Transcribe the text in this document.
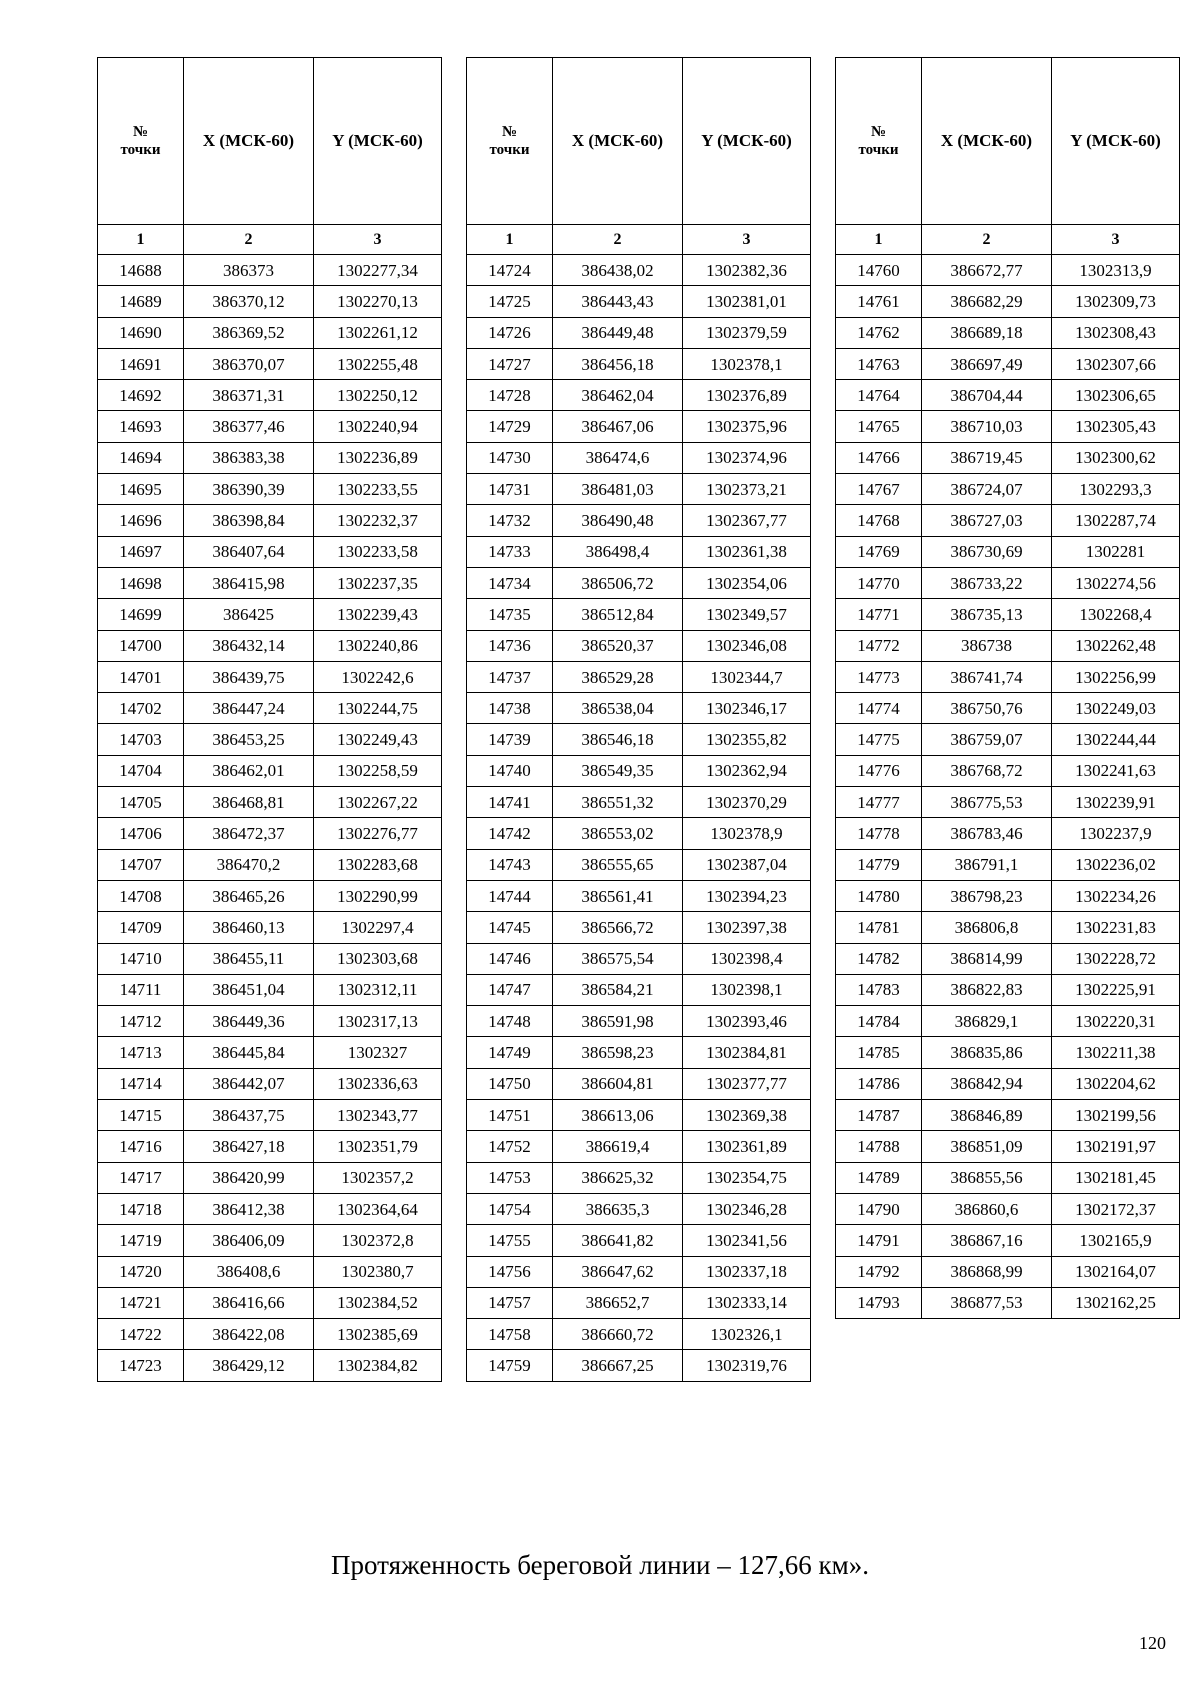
№
точки	X (МСК-60)	Y (МСК-60)
1	2	3
14688	386373	1302277,34
14689	386370,12	1302270,13
14690	386369,52	1302261,12
14691	386370,07	1302255,48
14692	386371,31	1302250,12
14693	386377,46	1302240,94
14694	386383,38	1302236,89
14695	386390,39	1302233,55
14696	386398,84	1302232,37
14697	386407,64	1302233,58
14698	386415,98	1302237,35
14699	386425	1302239,43
14700	386432,14	1302240,86
14701	386439,75	1302242,6
14702	386447,24	1302244,75
14703	386453,25	1302249,43
14704	386462,01	1302258,59
14705	386468,81	1302267,22
14706	386472,37	1302276,77
14707	386470,2	1302283,68
14708	386465,26	1302290,99
14709	386460,13	1302297,4
14710	386455,11	1302303,68
14711	386451,04	1302312,11
14712	386449,36	1302317,13
14713	386445,84	1302327
14714	386442,07	1302336,63
14715	386437,75	1302343,77
14716	386427,18	1302351,79
14717	386420,99	1302357,2
14718	386412,38	1302364,64
14719	386406,09	1302372,8
14720	386408,6	1302380,7
14721	386416,66	1302384,52
14722	386422,08	1302385,69
14723	386429,12	1302384,82
№
точки	X (МСК-60)	Y (МСК-60)
1	2	3
14724	386438,02	1302382,36
14725	386443,43	1302381,01
14726	386449,48	1302379,59
14727	386456,18	1302378,1
14728	386462,04	1302376,89
14729	386467,06	1302375,96
14730	386474,6	1302374,96
14731	386481,03	1302373,21
14732	386490,48	1302367,77
14733	386498,4	1302361,38
14734	386506,72	1302354,06
14735	386512,84	1302349,57
14736	386520,37	1302346,08
14737	386529,28	1302344,7
14738	386538,04	1302346,17
14739	386546,18	1302355,82
14740	386549,35	1302362,94
14741	386551,32	1302370,29
14742	386553,02	1302378,9
14743	386555,65	1302387,04
14744	386561,41	1302394,23
14745	386566,72	1302397,38
14746	386575,54	1302398,4
14747	386584,21	1302398,1
14748	386591,98	1302393,46
14749	386598,23	1302384,81
14750	386604,81	1302377,77
14751	386613,06	1302369,38
14752	386619,4	1302361,89
14753	386625,32	1302354,75
14754	386635,3	1302346,28
14755	386641,82	1302341,56
14756	386647,62	1302337,18
14757	386652,7	1302333,14
14758	386660,72	1302326,1
14759	386667,25	1302319,76
№
точки	X (МСК-60)	Y (МСК-60)
1	2	3
14760	386672,77	1302313,9
14761	386682,29	1302309,73
14762	386689,18	1302308,43
14763	386697,49	1302307,66
14764	386704,44	1302306,65
14765	386710,03	1302305,43
14766	386719,45	1302300,62
14767	386724,07	1302293,3
14768	386727,03	1302287,74
14769	386730,69	1302281
14770	386733,22	1302274,56
14771	386735,13	1302268,4
14772	386738	1302262,48
14773	386741,74	1302256,99
14774	386750,76	1302249,03
14775	386759,07	1302244,44
14776	386768,72	1302241,63
14777	386775,53	1302239,91
14778	386783,46	1302237,9
14779	386791,1	1302236,02
14780	386798,23	1302234,26
14781	386806,8	1302231,83
14782	386814,99	1302228,72
14783	386822,83	1302225,91
14784	386829,1	1302220,31
14785	386835,86	1302211,38
14786	386842,94	1302204,62
14787	386846,89	1302199,56
14788	386851,09	1302191,97
14789	386855,56	1302181,45
14790	386860,6	1302172,37
14791	386867,16	1302165,9
14792	386868,99	1302164,07
14793	386877,53	1302162,25
Протяженность береговой линии – 127,66 км».
120
